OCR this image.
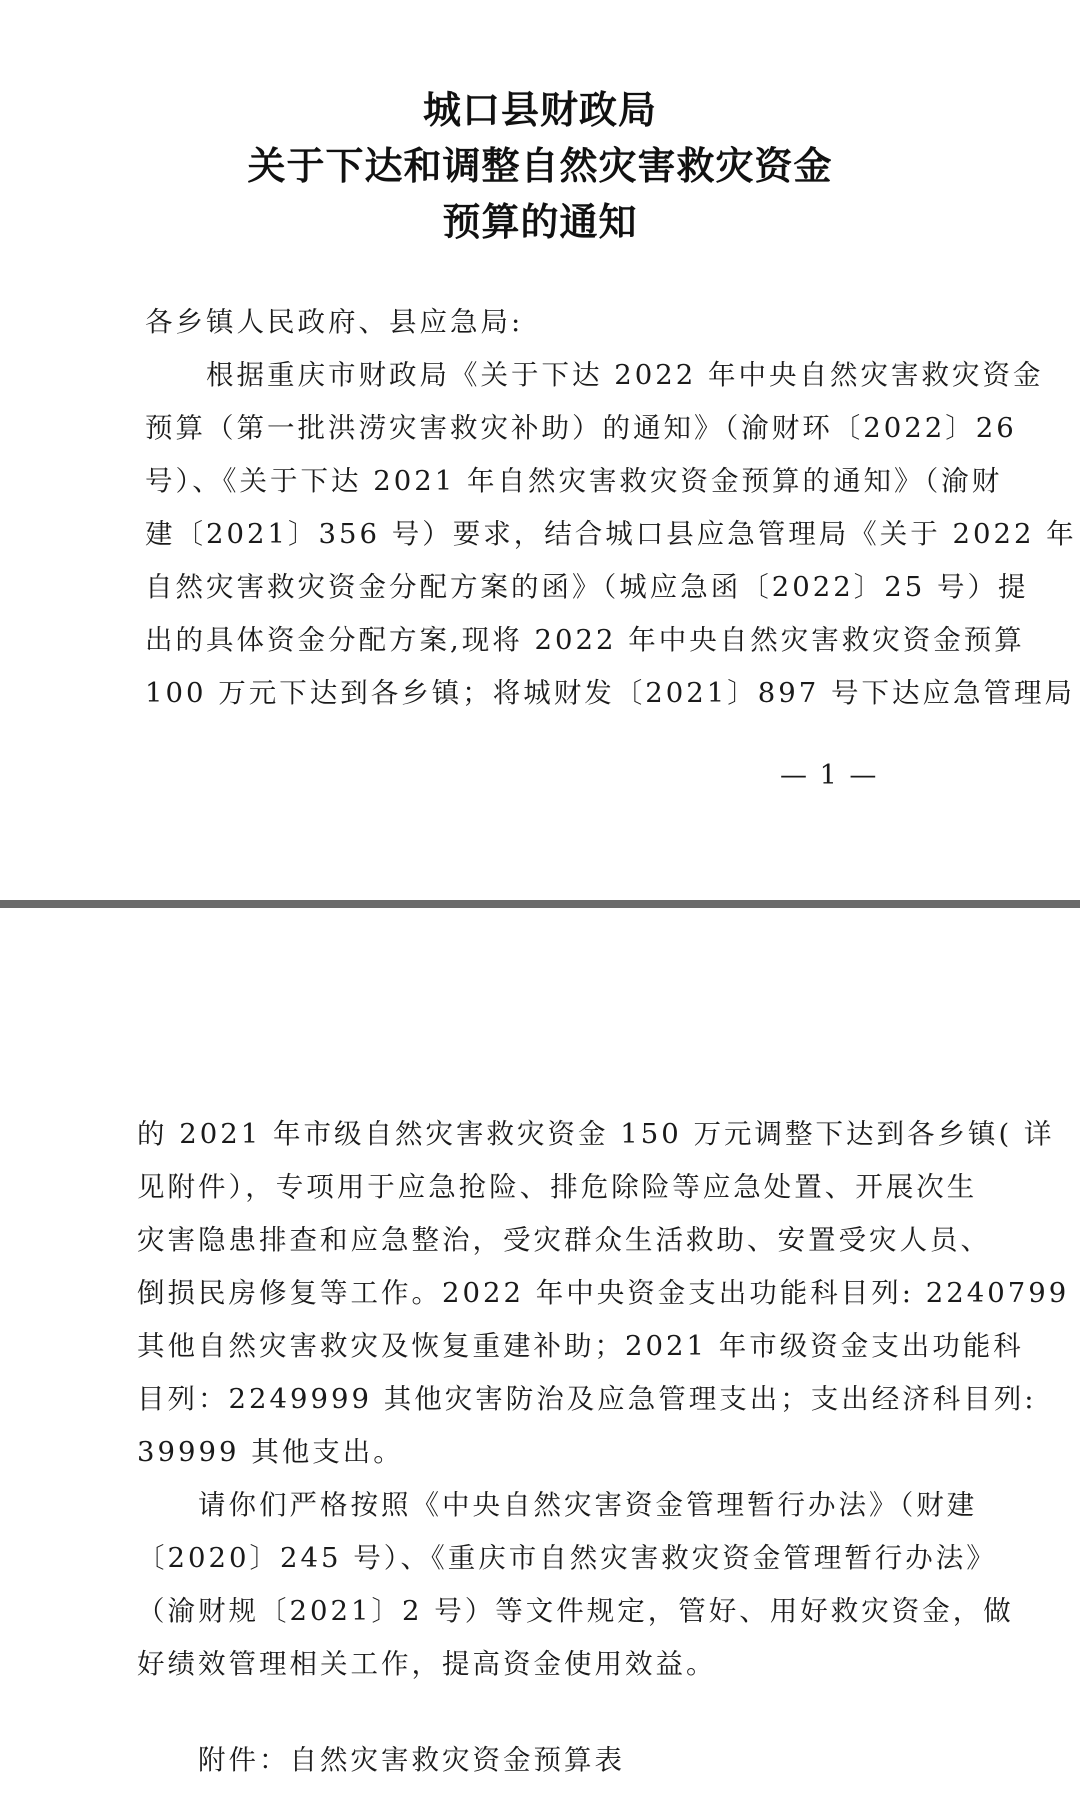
城口县财政局
关于下达和调整自然灾害救灾资金
预算的通知
各乡镇人民政府、县应急局:
　　根据重庆市财政局《关于下达 2022 年中央自然灾害救灾资金
预算（第一批洪涝灾害救灾补助）的通知》（渝财环〔2022〕26
号）、《关于下达 2021 年自然灾害救灾资金预算的通知》（渝财
建〔2021〕356 号）要求，结合城口县应急管理局《关于 2022 年
自然灾害救灾资金分配方案的函》（城应急函〔2022〕25 号）提
出的具体资金分配方案,现将 2022 年中央自然灾害救灾资金预算
100 万元下达到各乡镇；将城财发〔2021〕897 号下达应急管理局
— 1 —
的 2021 年市级自然灾害救灾资金 150 万元调整下达到各乡镇( 详
见附件），专项用于应急抢险、排危除险等应急处置、开展次生
灾害隐患排查和应急整治，受灾群众生活救助、安置受灾人员、
倒损民房修复等工作。2022 年中央资金支出功能科目列: 2240799
其他自然灾害救灾及恢复重建补助；2021 年市级资金支出功能科
目列：2249999 其他灾害防治及应急管理支出；支出经济科目列:
39999 其他支出。
　　请你们严格按照《中央自然灾害资金管理暂行办法》（财建
〔2020〕245 号）、《重庆市自然灾害救灾资金管理暂行办法》
（渝财规〔2021〕2 号）等文件规定，管好、用好救灾资金，做
好绩效管理相关工作，提高资金使用效益。
　　附件：自然灾害救灾资金预算表
